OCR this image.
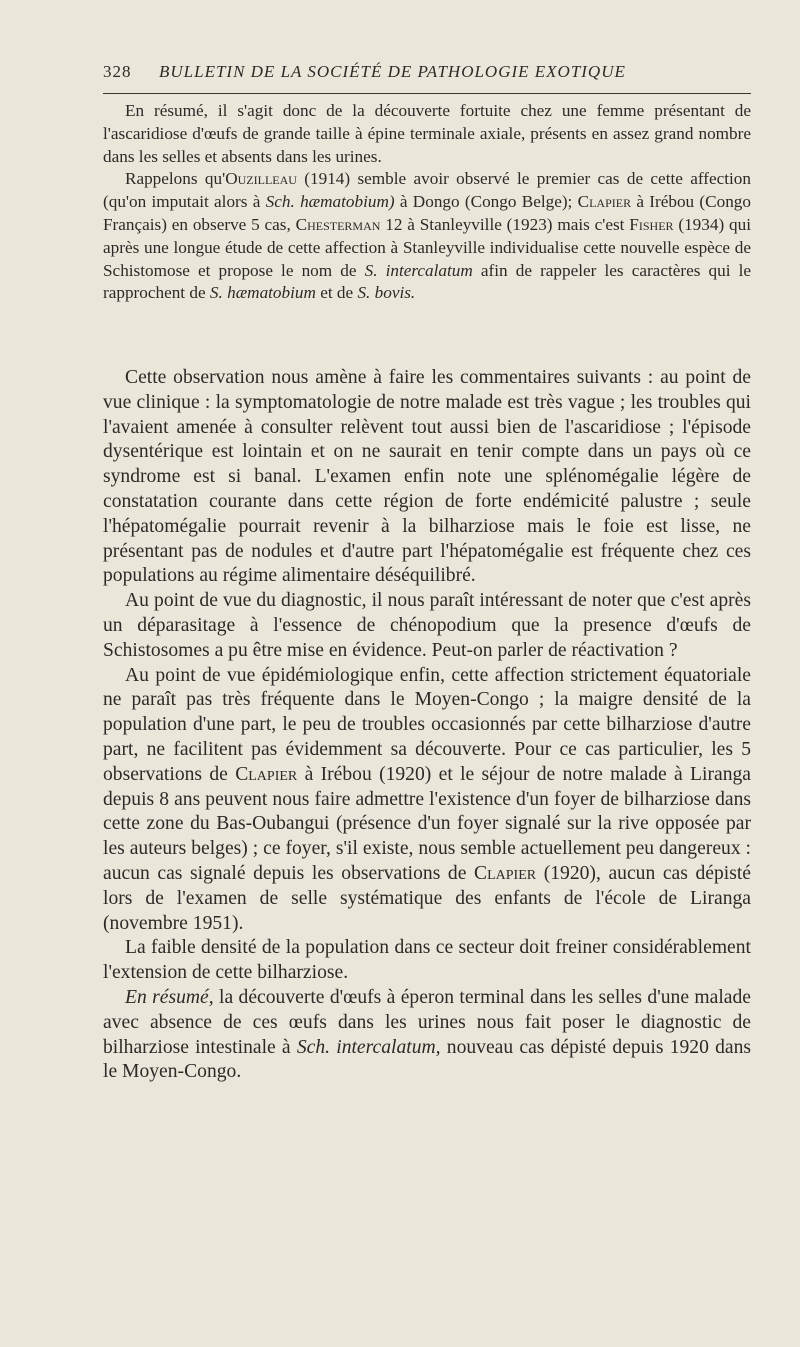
328	BULLETIN DE LA SOCIÉTÉ DE PATHOLOGIE EXOTIQUE

En résumé, il s'agit donc de la découverte fortuite chez une femme présentant de l'ascaridiose d'œufs de grande taille à épine terminale axiale, présents en assez grand nombre dans les selles et absents dans les urines.

Rappelons qu'Ouzilleau (1914) semble avoir observé le premier cas de cette affection (qu'on imputait alors à Sch. hæmatobium) à Dongo (Congo Belge); Clapier à Irébou (Congo Français) en observe 5 cas, Chesterman 12 à Stanleyville (1923) mais c'est Fisher (1934) qui après une longue étude de cette affection à Stanleyville individualise cette nouvelle espèce de Schistomose et propose le nom de S. intercalatum afin de rappeler les caractères qui le rapprochent de S. hæmatobium et de S. bovis.

Cette observation nous amène à faire les commentaires suivants : au point de vue clinique : la symptomatologie de notre malade est très vague ; les troubles qui l'avaient amenée à consulter relèvent tout aussi bien de l'ascaridiose ; l'épisode dysentérique est lointain et on ne saurait en tenir compte dans un pays où ce syndrome est si banal. L'examen enfin note une splénomégalie légère de constatation courante dans cette région de forte endémicité palustre ; seule l'hépatomégalie pourrait revenir à la bilharziose mais le foie est lisse, ne présentant pas de nodules et d'autre part l'hépatomégalie est fréquente chez ces populations au régime alimentaire déséquilibré.

Au point de vue du diagnostic, il nous paraît intéressant de noter que c'est après un déparasitage à l'essence de chénopodium que la presence d'œufs de Schistosomes a pu être mise en évidence. Peut-on parler de réactivation ?

Au point de vue épidémiologique enfin, cette affection strictement équatoriale ne paraît pas très fréquente dans le Moyen-Congo ; la maigre densité de la population d'une part, le peu de troubles occasionnés par cette bilharziose d'autre part, ne facilitent pas évidemment sa découverte. Pour ce cas particulier, les 5 observations de Clapier à Irébou (1920) et le séjour de notre malade à Liranga depuis 8 ans peuvent nous faire admettre l'existence d'un foyer de bilharziose dans cette zone du Bas-Oubangui (présence d'un foyer signalé sur la rive opposée par les auteurs belges) ; ce foyer, s'il existe, nous semble actuellement peu dangereux : aucun cas signalé depuis les observations de Clapier (1920), aucun cas dépisté lors de l'examen de selle systématique des enfants de l'école de Liranga (novembre 1951).

La faible densité de la population dans ce secteur doit freiner considérablement l'extension de cette bilharziose.

En résumé, la découverte d'œufs à éperon terminal dans les selles d'une malade avec absence de ces œufs dans les urines nous fait poser le diagnostic de bilharziose intestinale à Sch. intercalatum, nouveau cas dépisté depuis 1920 dans le Moyen-Congo.
